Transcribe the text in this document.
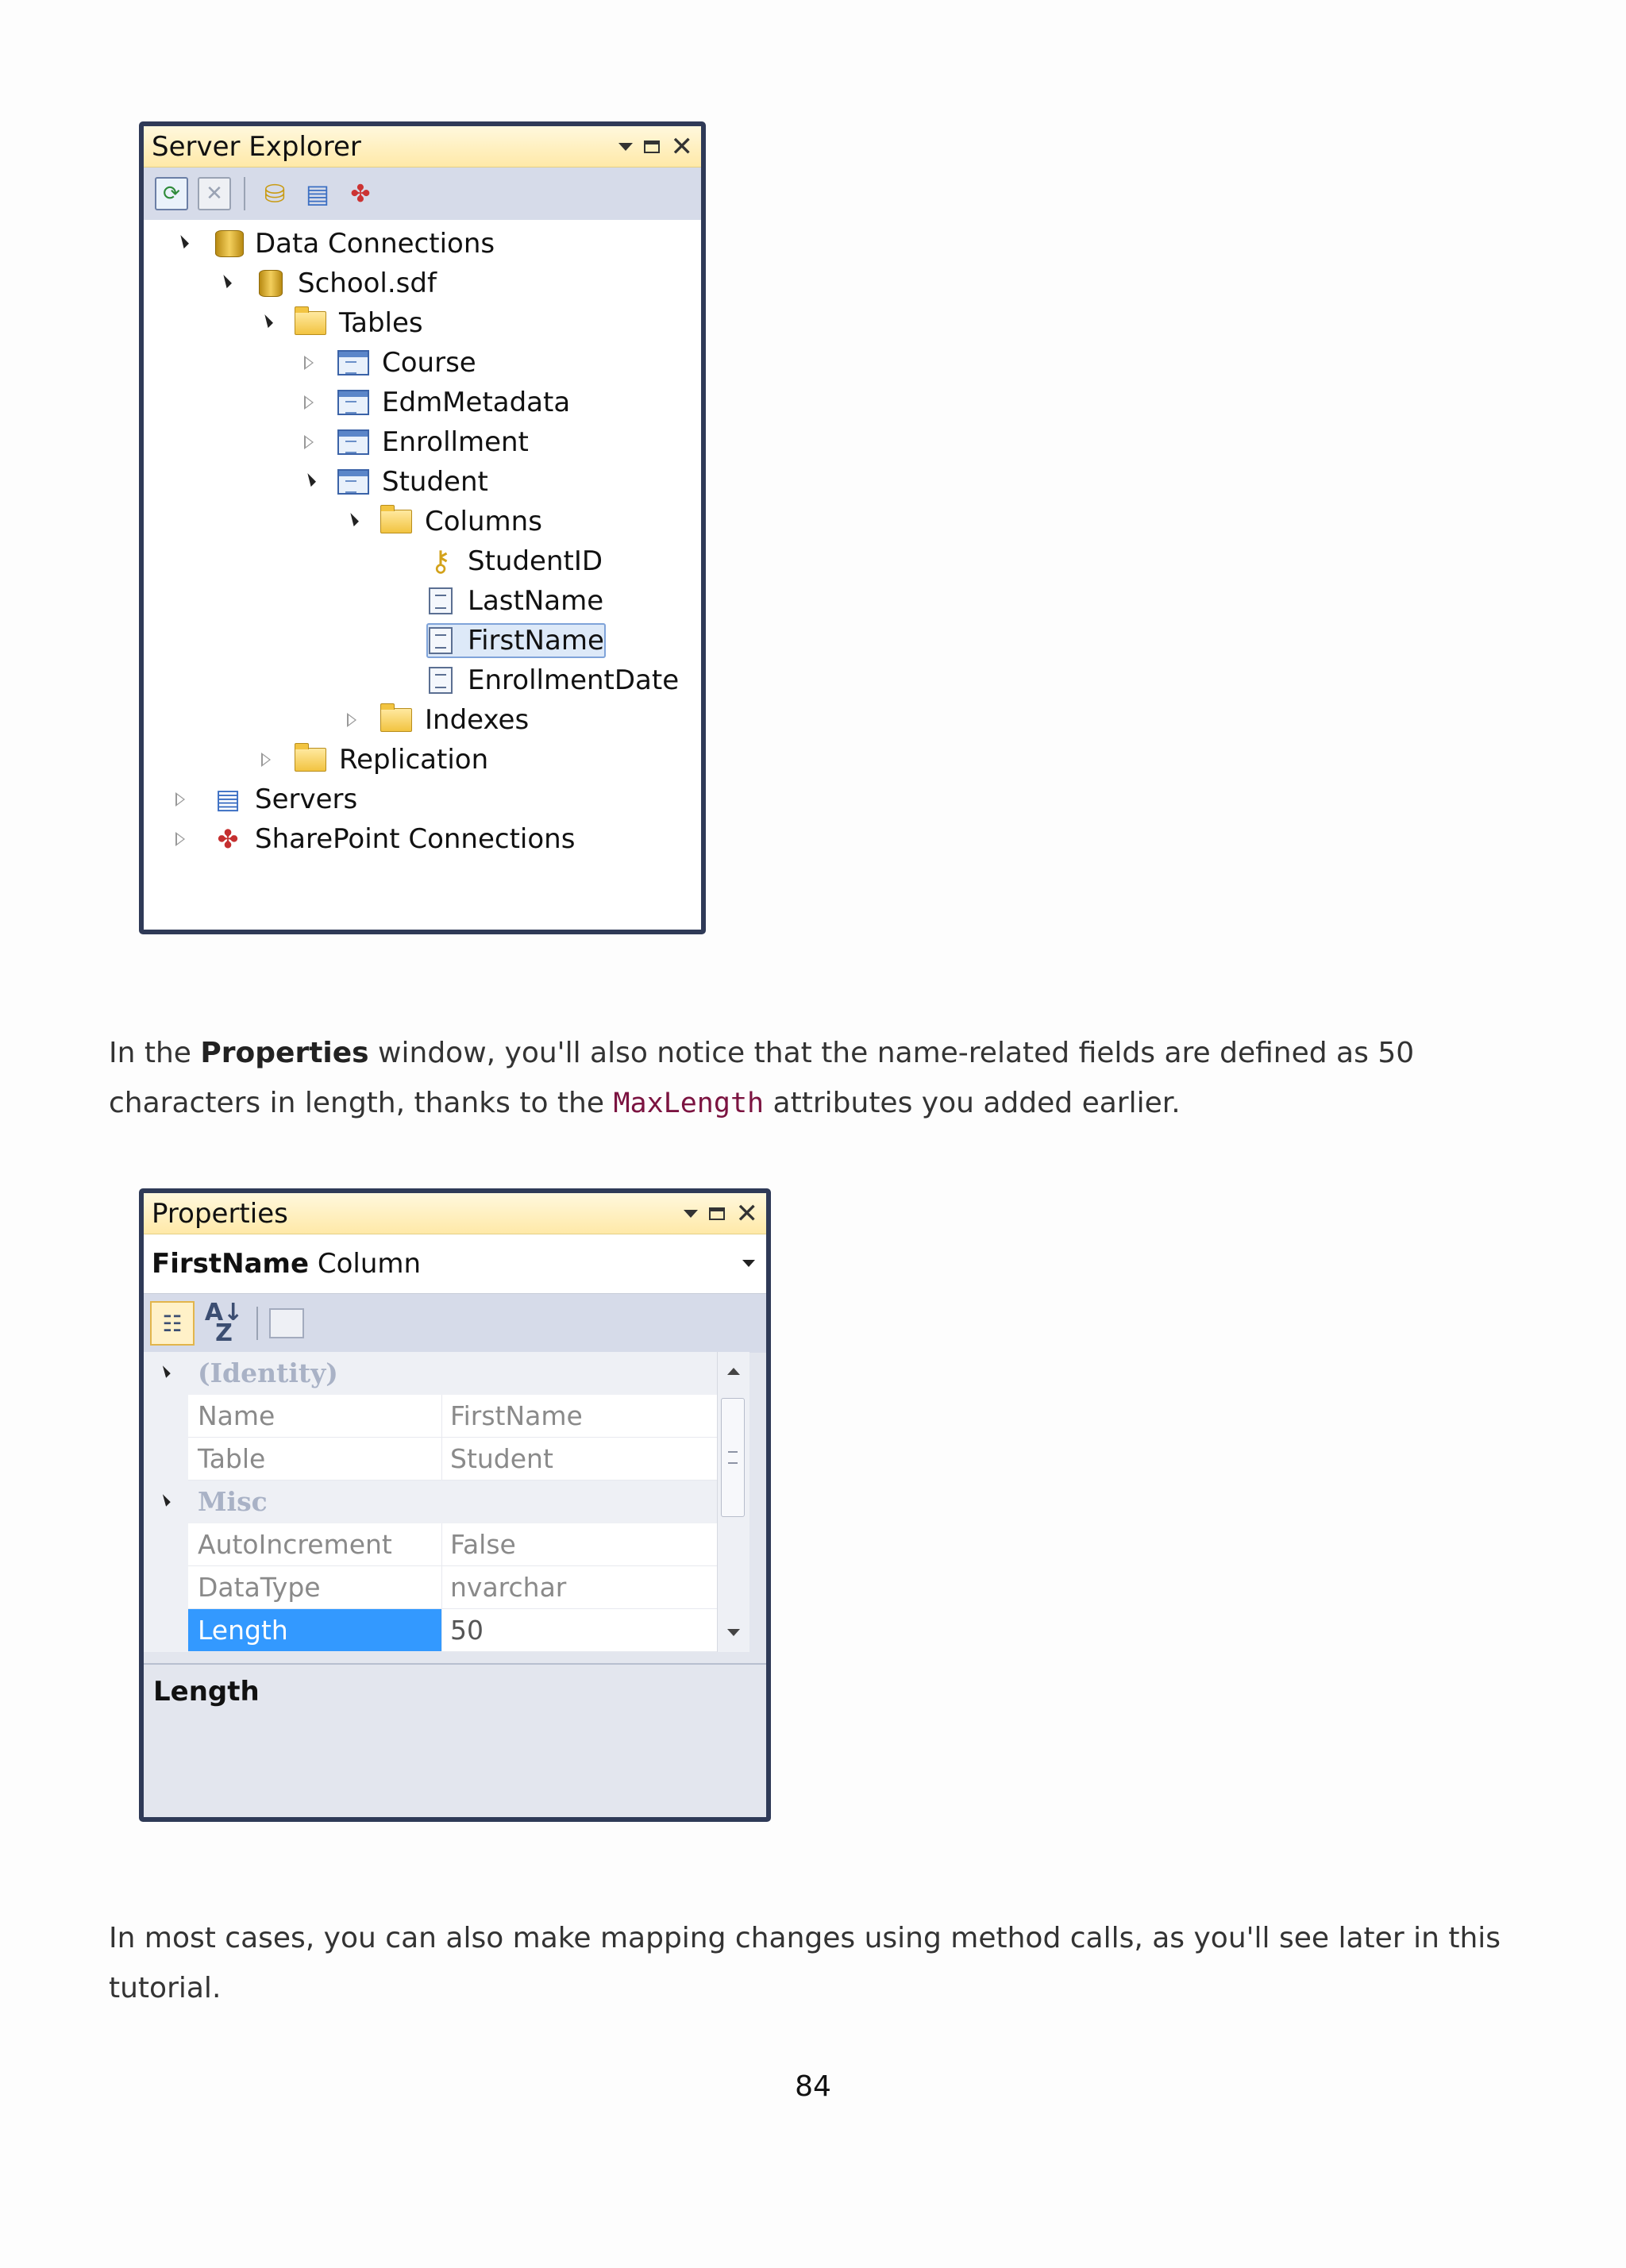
Server Explorer	✕
⟳	✕	⛁ ▤ ✤
Data Connections
School.sdf
Tables
Course
EdmMetadata
Enrollment
Student
Columns
⚷ StudentID
LastName
FirstName
EnrollmentDate
Indexes
Replication
▤ Servers
✤ SharePoint Connections
In the Properties window, you'll also notice that the name-related fields are defined as 50 characters in length, thanks to the MaxLength attributes you added earlier.
Properties	✕
FirstName
Column
☷ A↓
Z
(Identity)
Name	FirstName
Table	Student
Misc
AutoIncrement	False
DataType	nvarchar
Length	50
Length
In most cases, you can also make mapping changes using method calls, as you'll see later in this tutorial.
84
